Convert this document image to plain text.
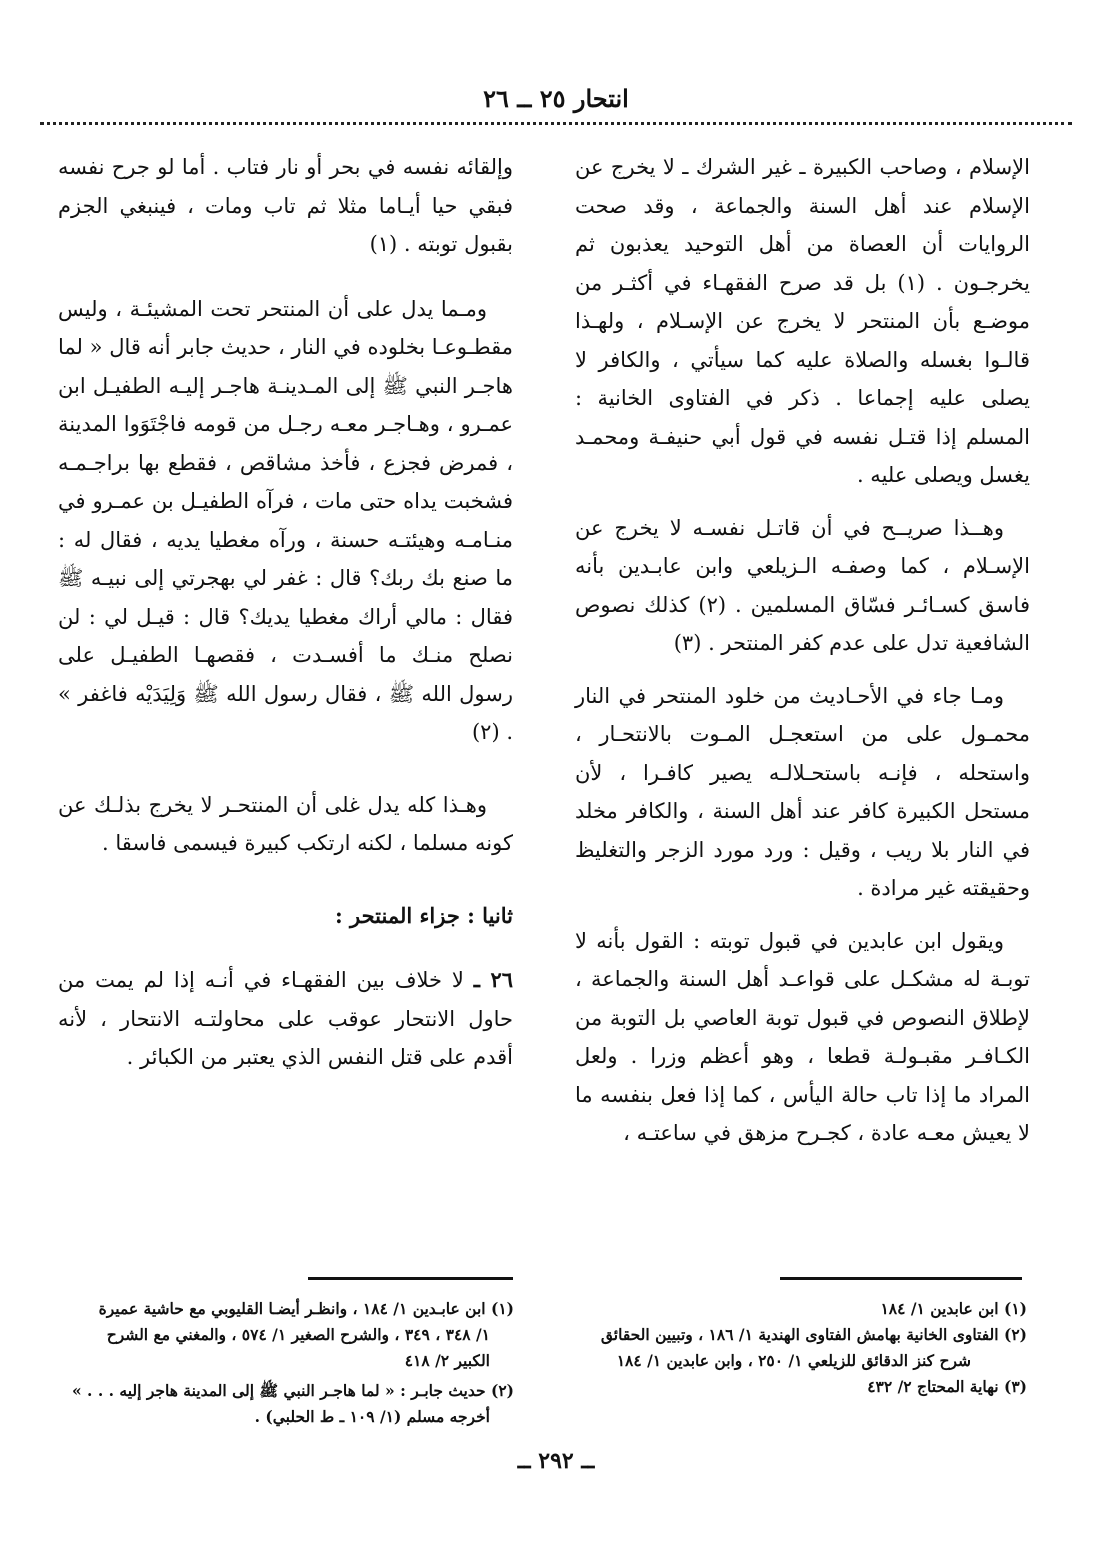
انتحار ٢٥ ــ ٢٦

الإسلام ، وصاحب الكبيرة ـ غير الشرك ـ لا يخرج عن الإسلام عند أهل السنة والجماعة ، وقد صحت الروايات أن العصاة من أهل التوحيد يعذبون ثم يخرجـون . (١) بل قد صرح الفقهـاء في أكثـر من موضـع بأن المنتحر لا يخرج عن الإسـلام ، ولهـذا قالـوا بغسله والصلاة عليه كما سيأتي ، والكافر لا يصلى عليه إجماعا . ذكر في الفتاوى الخانية : المسلم إذا قتـل نفسه في قول أبي حنيفـة ومحمـد يغسل ويصلى عليه .

وهــذا صريــح في أن قاتـل نفسـه لا يخرج عن الإسـلام ، كما وصفـه الـزيلعي وابن عابـدين بأنه فاسق كسـائـر فسّاق المسلمين . (٢) كذلك نصوص الشافعية تدل على عدم كفر المنتحر . (٣)

ومـا جاء في الأحـاديث من خلود المنتحر في النار محمـول على من استعجـل المـوت بالانتحـار ، واستحله ، فإنـه باستحـلالـه يصير كافـرا ، لأن مستحل الكبيرة كافر عند أهل السنة ، والكافر مخلد في النار بلا ريب ، وقيل : ورد مورد الزجر والتغليظ وحقيقته غير مرادة .

ويقول ابن عابدين في قبول توبته : القول بأنه لا توبـة له مشكـل على قواعـد أهل السنة والجماعة ، لإطلاق النصوص في قبول توبة العاصي بل التوبة من الكـافـر مقبـولـة قطعا ، وهو أعظم وزرا . ولعل المراد ما إذا تاب حالة اليأس ، كما إذا فعل بنفسه ما لا يعيش معـه عادة ، كجـرح مزهق في ساعتـه ،

وإلقائه نفسه في بحر أو نار فتاب . أما لو جرح نفسه فبقي حيا أيـاما مثلا ثم تاب ومات ، فينبغي الجزم بقبول توبته . (١)

ومـما يدل على أن المنتحر تحت المشيئـة ، وليس مقطـوعـا بخلوده في النار ، حديث جابر أنه قال « لما هاجـر النبي ﷺ إلى المـدينـة هاجـر إليـه الطفيـل ابن عمـرو ، وهـاجـر معـه رجـل من قومه فاجْتَوَوا المدينة ، فمرض فجزع ، فأخذ مشاقص ، فقطع بها براجـمـه فشخبت يداه حتى مات ، فرآه الطفيـل بن عمـرو في منـامـه وهيئتـه حسنة ، ورآه مغطيا يديه ، فقال له : ما صنع بك ربك؟ قال : غفر لي بهجرتي إلى نبيـه ﷺ فقال : مالي أراك مغطيا يديك؟ قال : قيـل لي : لن نصلح منـك ما أفسـدت ، فقصهـا الطفيـل على رسول الله ﷺ ، فقال رسول الله ﷺ وَلِيَدَيْه فاغفر » . (٢)

وهـذا كله يدل غلى أن المنتحـر لا يخرج بذلـك عن كونه مسلما ، لكنه ارتكب كبيرة فيسمى فاسقا .

ثانيا : جزاء المنتحر :

٢٦ ـ لا خلاف بين الفقهـاء في أنـه إذا لم يمت من حاول الانتحار عوقب على محاولتـه الانتحار ، لأنه أقدم على قتل النفس الذي يعتبر من الكبائر .

(١) ابن عابدين ١/ ١٨٤
(٢) الفتاوى الخانية بهامش الفتاوى الهندية ١/ ١٨٦ ، وتبيين الحقائق
شرح كنز الدقائق للزيلعي ١/ ٢٥٠ ، وابن عابدين ١/ ١٨٤
(٣) نهاية المحتاج ٢/ ٤٣٢
(١) ابن عابـدين ١/ ١٨٤ ، وانظـر أيضـا القليوبي مع حاشية عميرة
١/ ٣٤٨ ، ٣٤٩ ، والشرح الصغير ١/ ٥٧٤ ، والمغني مع الشرح
الكبير ٢/ ٤١٨
(٢) حديث جابـر : « لما هاجـر النبي ﷺ إلى المدينة هاجر إليه . . . »
أخرجه مسلم (١/ ١٠٩ ـ ط الحلبي) .
ــ ٢٩٢ ــ
